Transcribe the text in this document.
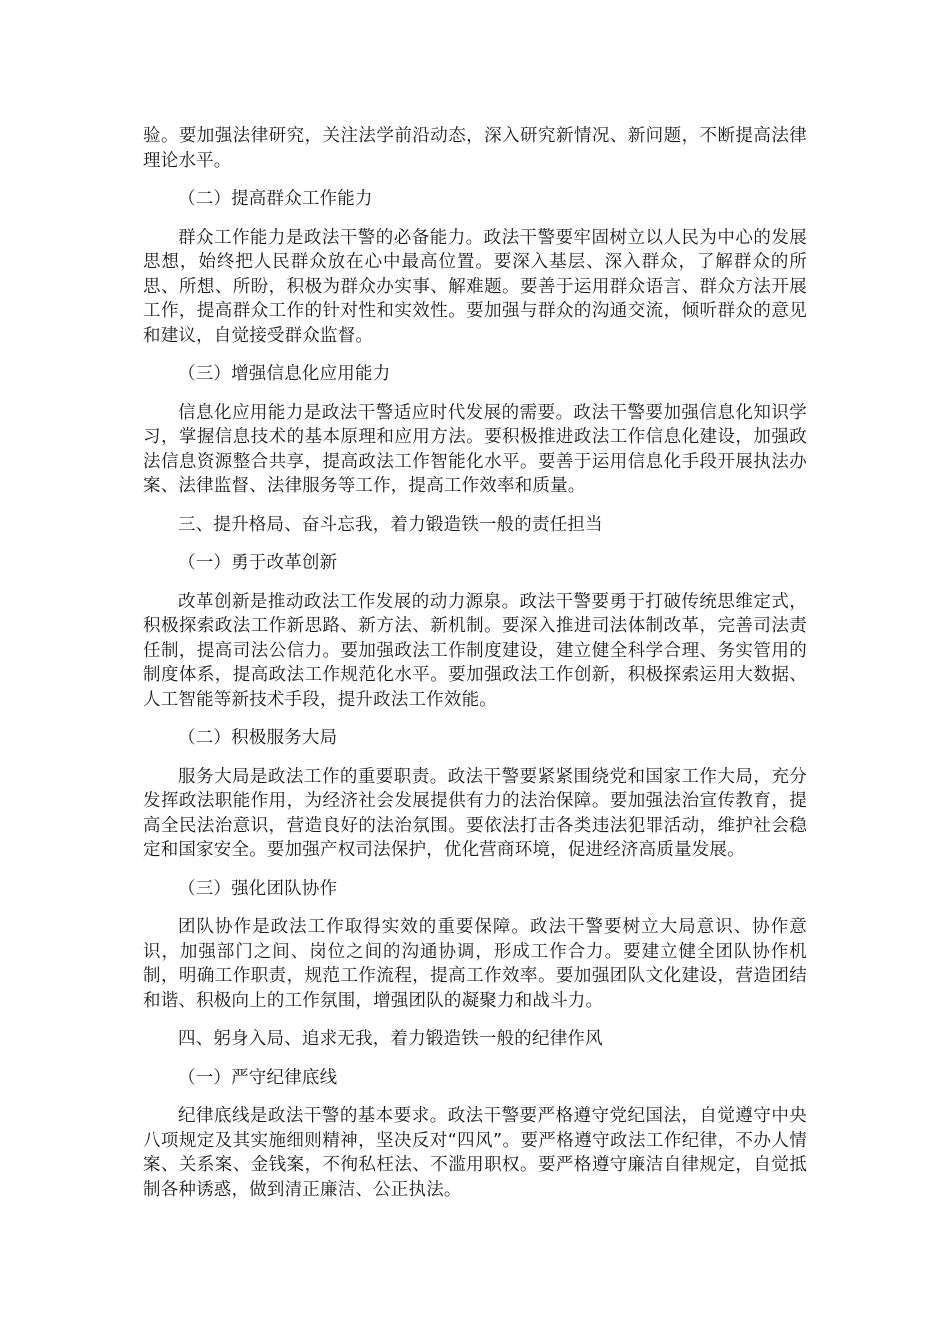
验。要加强法律研究，关注法学前沿动态，深入研究新情况、新问题，不断提高法律理论水平。

（二）提高群众工作能力

群众工作能力是政法干警的必备能力。政法干警要牢固树立以人民为中心的发展思想，始终把人民群众放在心中最高位置。要深入基层、深入群众，了解群众的所思、所想、所盼，积极为群众办实事、解难题。要善于运用群众语言、群众方法开展工作，提高群众工作的针对性和实效性。要加强与群众的沟通交流，倾听群众的意见和建议，自觉接受群众监督。

（三）增强信息化应用能力

信息化应用能力是政法干警适应时代发展的需要。政法干警要加强信息化知识学习，掌握信息技术的基本原理和应用方法。要积极推进政法工作信息化建设，加强政法信息资源整合共享，提高政法工作智能化水平。要善于运用信息化手段开展执法办案、法律监督、法律服务等工作，提高工作效率和质量。

三、提升格局、奋斗忘我，着力锻造铁一般的责任担当

（一）勇于改革创新

改革创新是推动政法工作发展的动力源泉。政法干警要勇于打破传统思维定式，积极探索政法工作新思路、新方法、新机制。要深入推进司法体制改革，完善司法责任制，提高司法公信力。要加强政法工作制度建设，建立健全科学合理、务实管用的制度体系，提高政法工作规范化水平。要加强政法工作创新，积极探索运用大数据、人工智能等新技术手段，提升政法工作效能。

（二）积极服务大局

服务大局是政法工作的重要职责。政法干警要紧紧围绕党和国家工作大局，充分发挥政法职能作用，为经济社会发展提供有力的法治保障。要加强法治宣传教育，提高全民法治意识，营造良好的法治氛围。要依法打击各类违法犯罪活动，维护社会稳定和国家安全。要加强产权司法保护，优化营商环境，促进经济高质量发展。

（三）强化团队协作

团队协作是政法工作取得实效的重要保障。政法干警要树立大局意识、协作意识，加强部门之间、岗位之间的沟通协调，形成工作合力。要建立健全团队协作机制，明确工作职责，规范工作流程，提高工作效率。要加强团队文化建设，营造团结和谐、积极向上的工作氛围，增强团队的凝聚力和战斗力。

四、躬身入局、追求无我，着力锻造铁一般的纪律作风

（一）严守纪律底线

纪律底线是政法干警的基本要求。政法干警要严格遵守党纪国法，自觉遵守中央八项规定及其实施细则精神，坚决反对“四风”。要严格遵守政法工作纪律，不办人情案、关系案、金钱案，不徇私枉法、不滥用职权。要严格遵守廉洁自律规定，自觉抵制各种诱惑，做到清正廉洁、公正执法。
